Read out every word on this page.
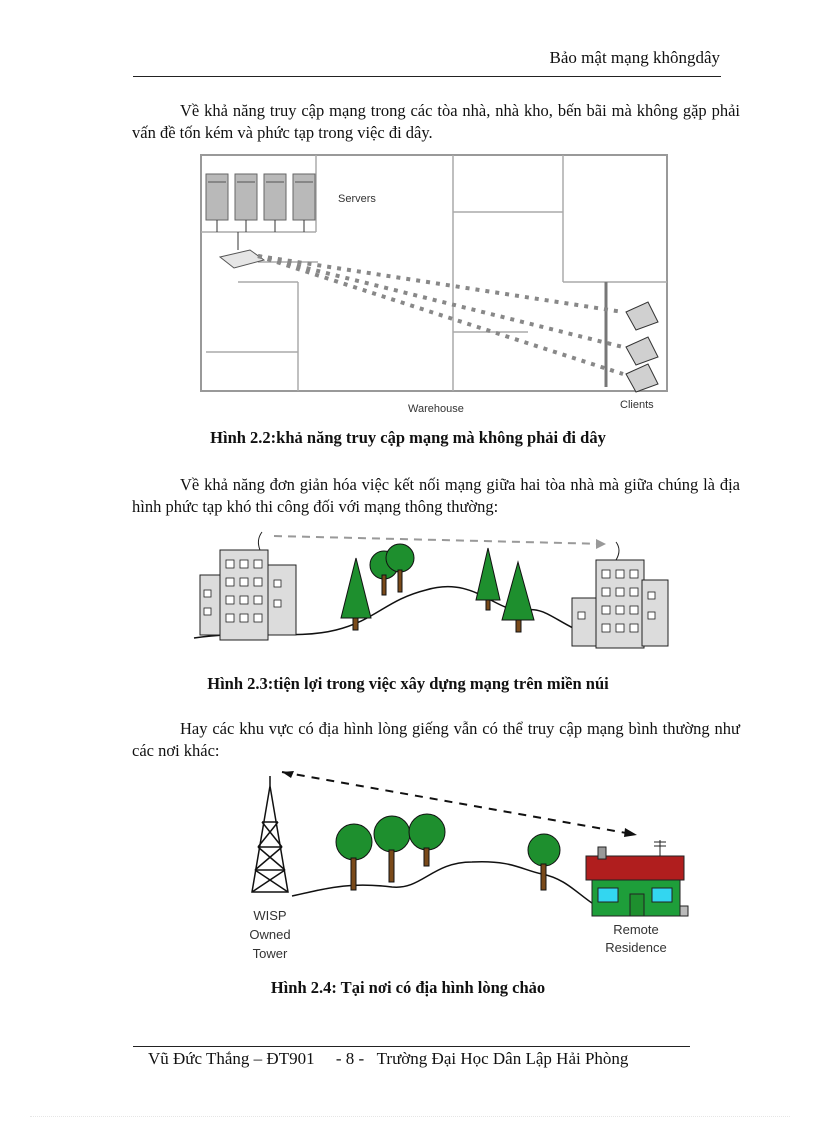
Bảo mật mạng khôngdây
Về khả năng truy cập mạng trong các tòa nhà, nhà kho, bến bãi mà không gặp phải vấn đề tốn kém và phức tạp trong việc đi dây.
Servers
Warehouse	Clients
Hình 2.2:khả năng truy cập mạng mà không phải đi dây
Về khả năng đơn giản hóa việc kết nối mạng giữa hai tòa nhà mà giữa chúng là địa hình phức tạp khó thi công đối với mạng thông thường:
Hình 2.3:tiện lợi trong việc xây dựng mạng trên miền núi
Hay các khu vực có địa hình lòng giếng vẫn có thể truy cập mạng bình thường như các nơi khác:
WISP
Owned
Tower
Remote
Residence
Hình 2.4: Tại nơi có địa hình lòng chảo
Vũ Đức Thắng – ĐT901 - 8 - Trường Đại Học Dân Lập Hải Phòng
